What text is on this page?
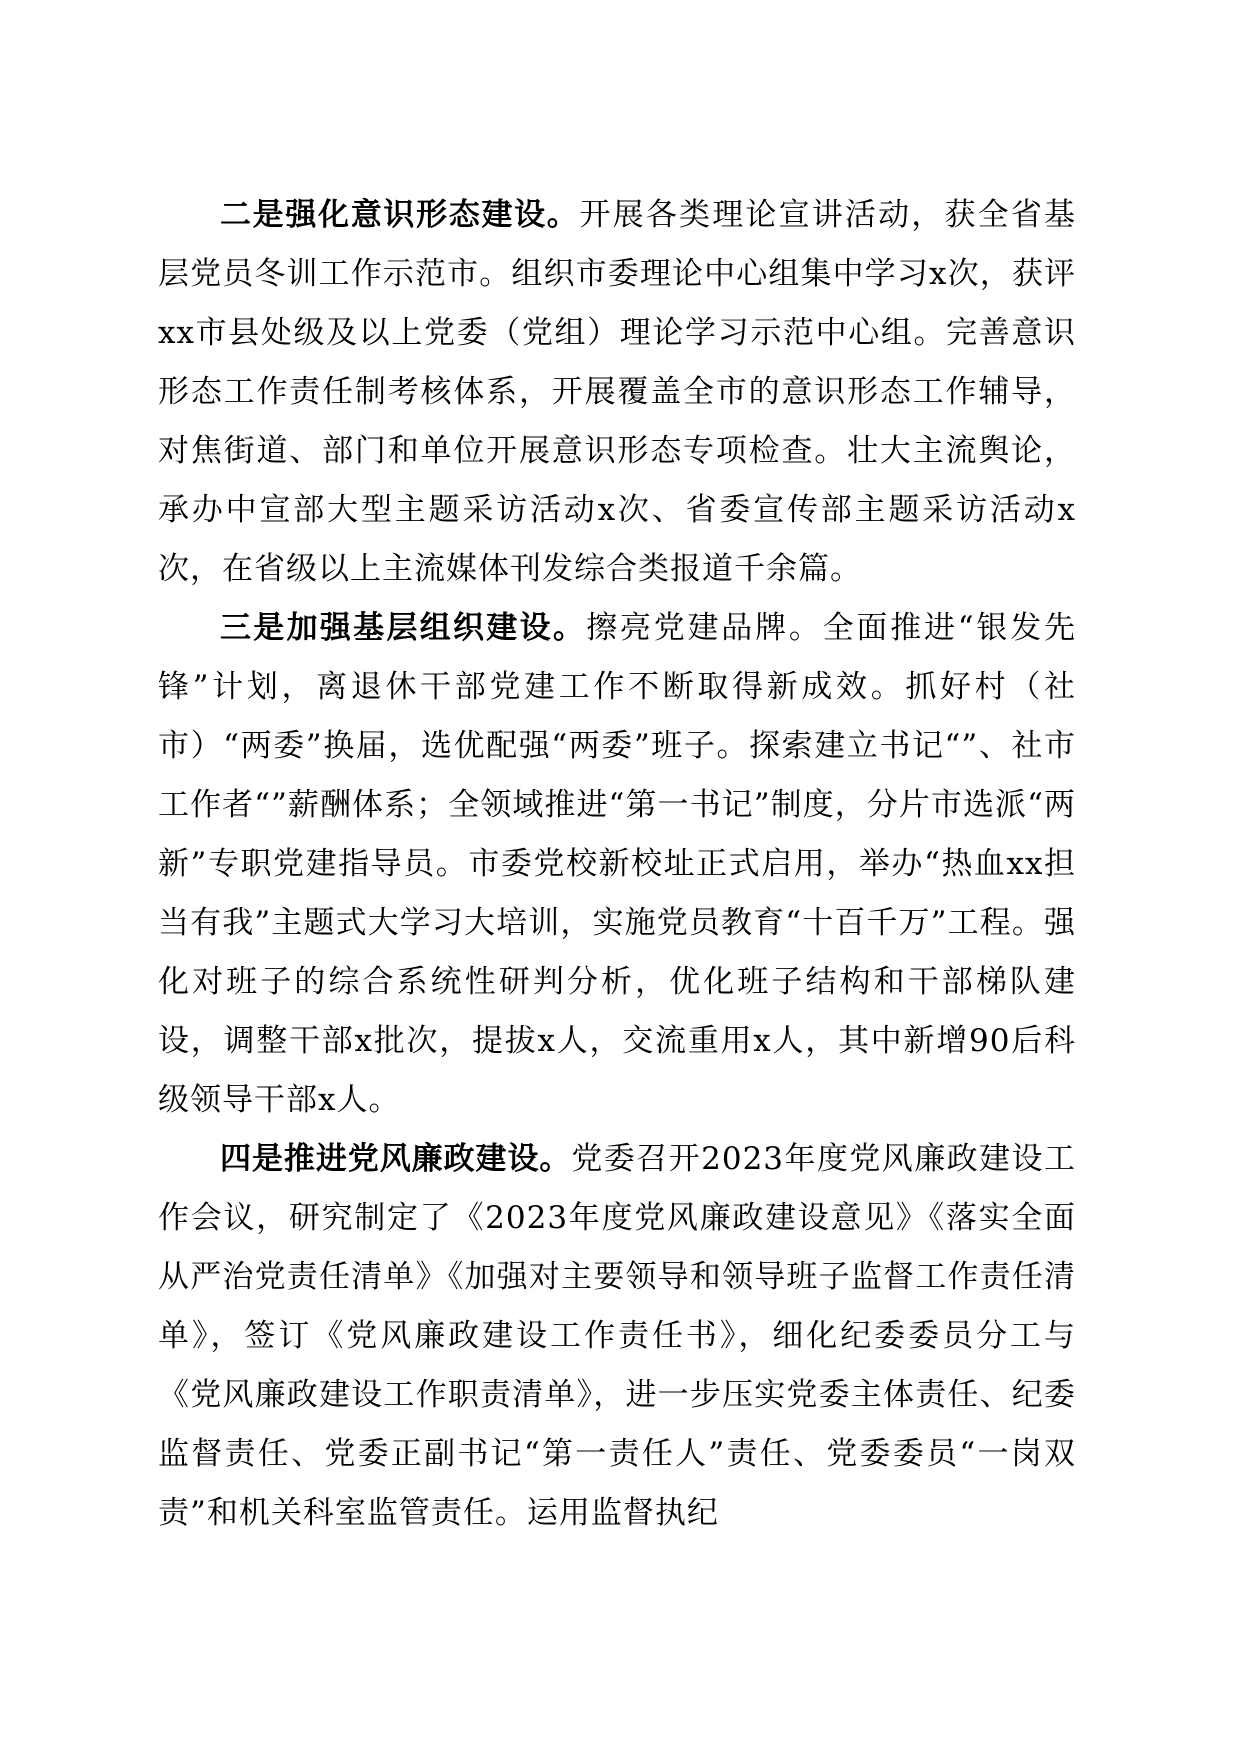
二是强化意识形态建设。开展各类理论宣讲活动，获全省基层党员冬训工作示范市。组织市委理论中心组集中学习x次，获评xx市县处级及以上党委（党组）理论学习示范中心组。完善意识形态工作责任制考核体系，开展覆盖全市的意识形态工作辅导，对焦街道、部门和单位开展意识形态专项检查。壮大主流舆论，承办中宣部大型主题采访活动x次、省委宣传部主题采访活动x次，在省级以上主流媒体刊发综合类报道千余篇。

三是加强基层组织建设。擦亮党建品牌。全面推进“银发先锋”计划，离退休干部党建工作不断取得新成效。抓好村（社市）“两委”换届，选优配强“两委”班子。探索建立书记“”、社市工作者“”薪酬体系；全领域推进“第一书记”制度，分片市选派“两新”专职党建指导员。市委党校新校址正式启用，举办“热血xx担当有我”主题式大学习大培训，实施党员教育“十百千万”工程。强化对班子的综合系统性研判分析，优化班子结构和干部梯队建设，调整干部x批次，提拔x人，交流重用x人，其中新增90后科级领导干部x人。

四是推进党风廉政建设。党委召开2023年度党风廉政建设工作会议，研究制定了《2023年度党风廉政建设意见》《落实全面从严治党责任清单》《加强对主要领导和领导班子监督工作责任清单》，签订《党风廉政建设工作责任书》，细化纪委委员分工与《党风廉政建设工作职责清单》，进一步压实党委主体责任、纪委监督责任、党委正副书记“第一责任人”责任、党委委员“一岗双责”和机关科室监管责任。运用监督执纪
